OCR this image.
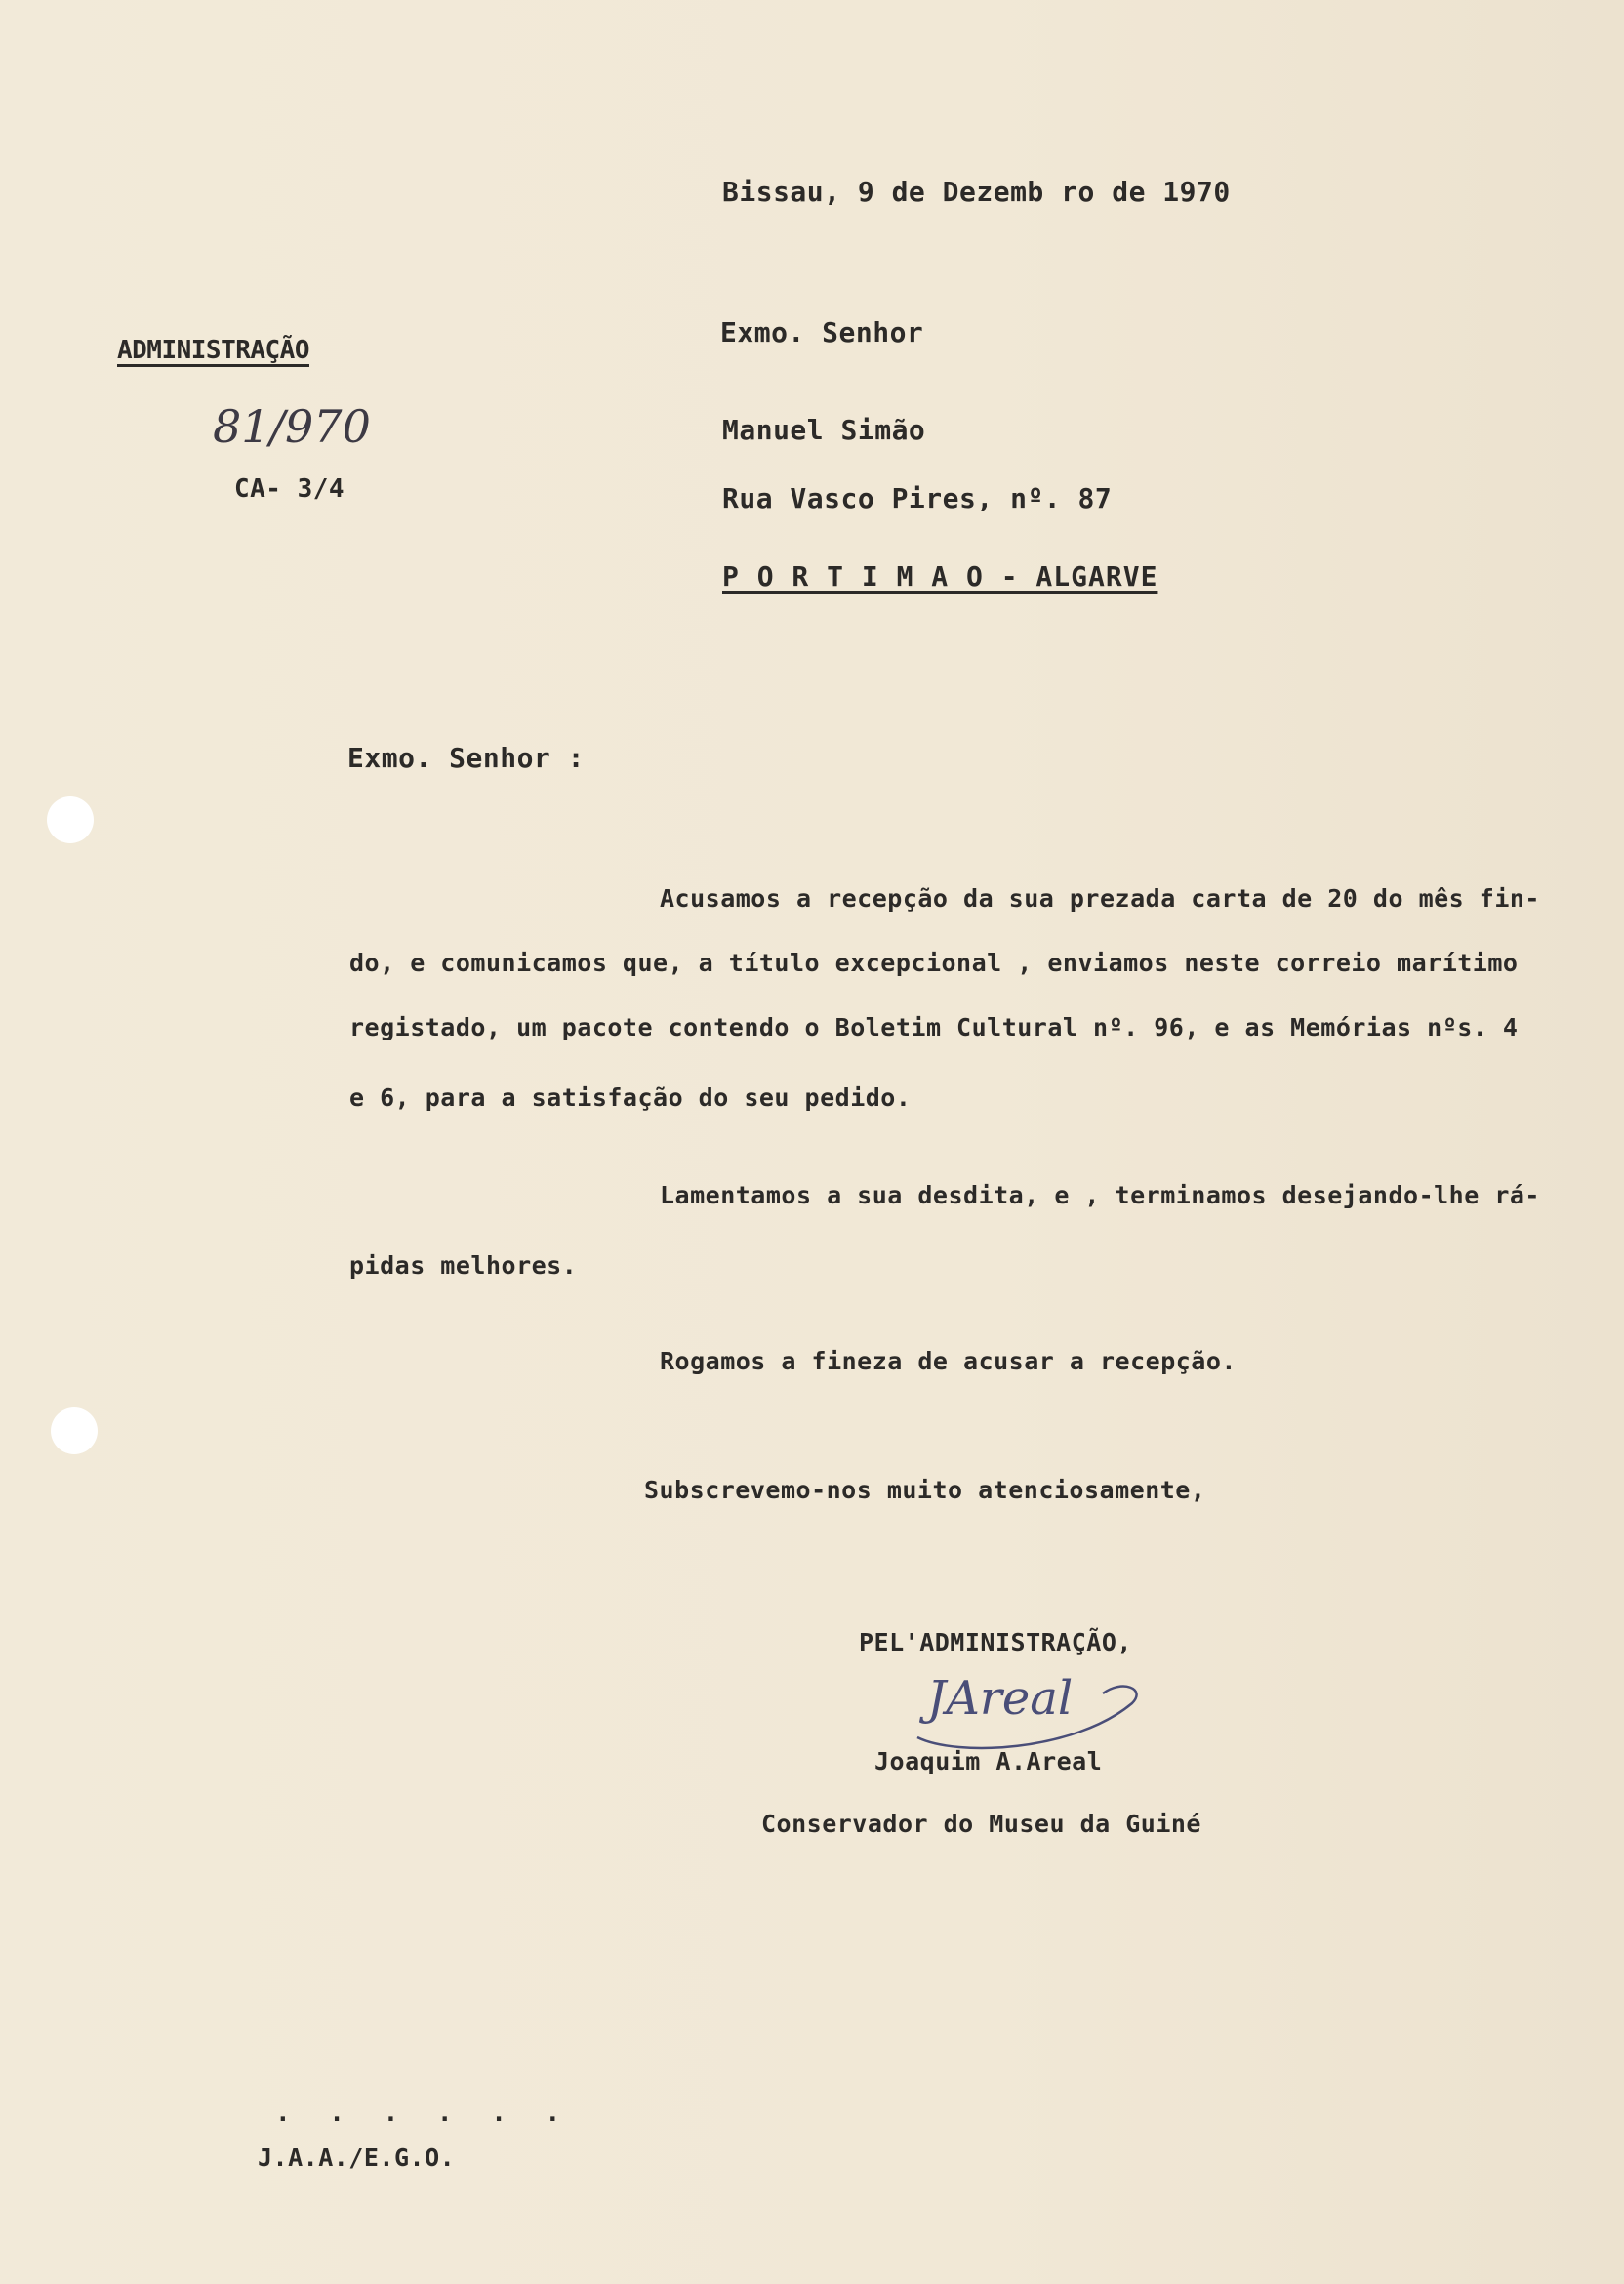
Bissau, 9 de Dezemb ro de 1970
Exmo. Senhor
ADMINISTRAÇÃO
81/970
CA- 3/4
Manuel Simão
Rua Vasco Pires, nº. 87
P O R T I M A O - ALGARVE
Exmo. Senhor :
Acusamos a recepção da sua prezada carta de 20 do mês fin-
do, e comunicamos que, a título excepcional , enviamos neste correio marítimo
registado, um pacote contendo o Boletim Cultural nº. 96, e as Memórias nºs. 4
e 6, para a satisfação do seu pedido.
Lamentamos a sua desdita, e , terminamos desejando-lhe rá-
pidas melhores.
Rogamos a fineza de acusar a recepção.
Subscrevemo-nos muito atenciosamente,
PEL'ADMINISTRAÇÃO,
JAreal
Joaquim A.Areal
Conservador do Museu da Guiné
. . . . . .
J.A.A./E.G.O.
